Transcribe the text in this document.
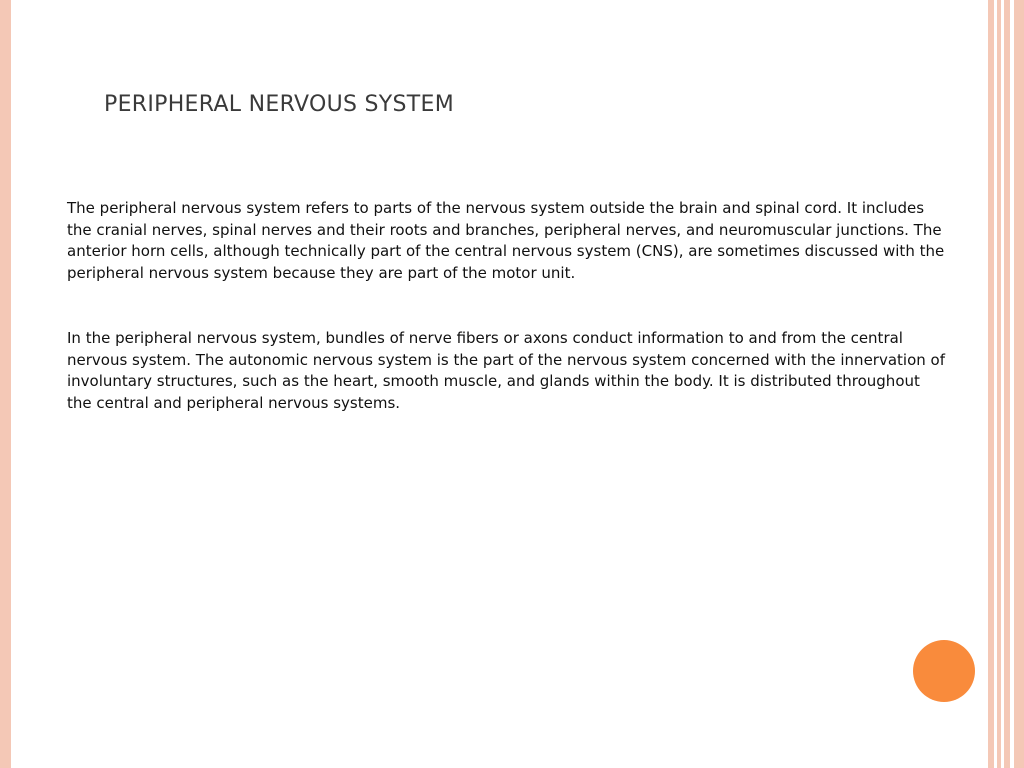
PERIPHERAL NERVOUS SYSTEM

The peripheral nervous system refers to parts of the nervous system outside the brain and spinal cord. It includes the cranial nerves, spinal nerves and their roots and branches, peripheral nerves, and neuromuscular junctions. The anterior horn cells, although technically part of the central nervous system (CNS), are sometimes discussed with the peripheral nervous system because they are part of the motor unit.

In the peripheral nervous system, bundles of nerve fibers or axons conduct information to and from the central nervous system. The autonomic nervous system is the part of the nervous system concerned with the innervation of involuntary structures, such as the heart, smooth muscle, and glands within the body. It is distributed throughout the central and peripheral nervous systems.
